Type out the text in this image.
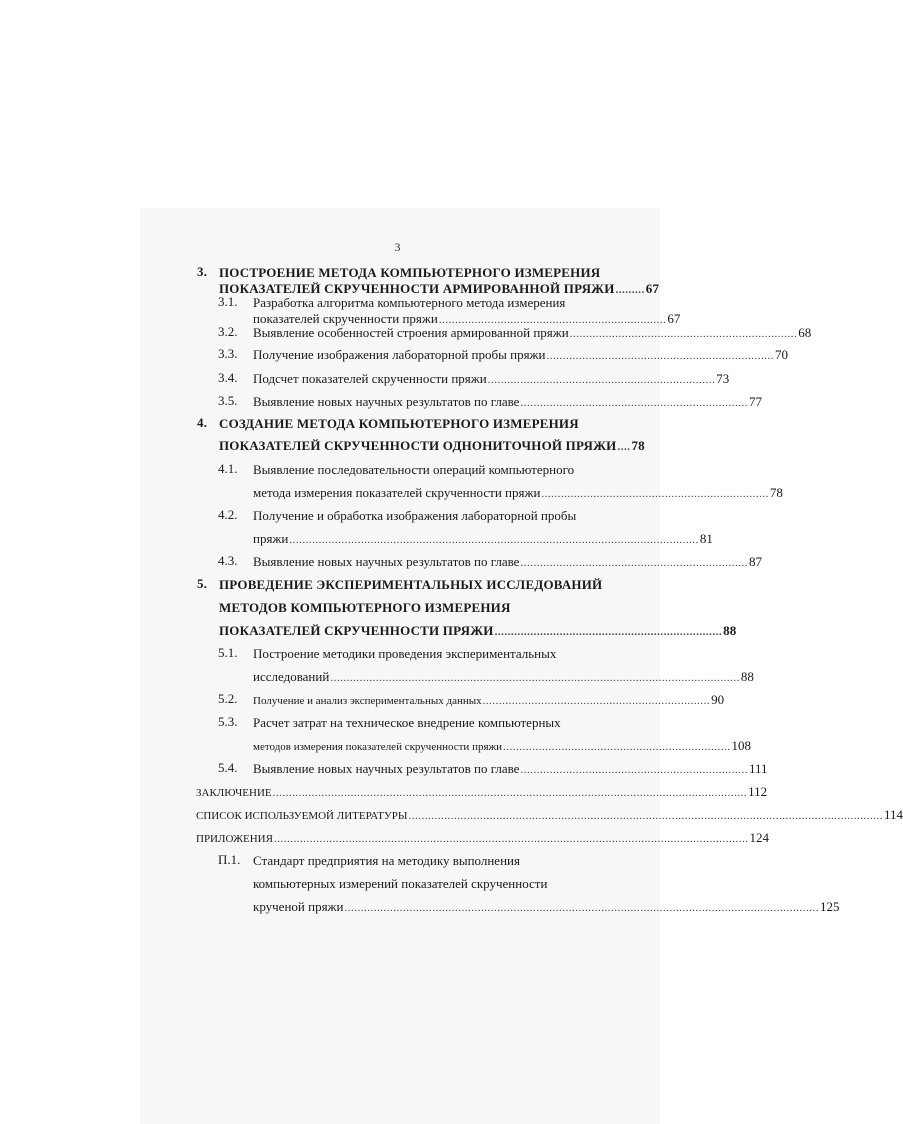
3
3. ПОСТРОЕНИЕ МЕТОДА КОМПЬЮТЕРНОГО ИЗМЕРЕНИЯ
ПОКАЗАТЕЛЕЙ СКРУЧЕННОСТИ АРМИРОВАННОЙ ПРЯЖИ ......... 67
3.1. Разработка алгоритма компьютерного метода измерения
показателей скрученности пряжи ...................................................................... 67
3.2. Выявление особенностей строения армированной пряжи ...................................................................... 68
3.3. Получение изображения лабораторной пробы пряжи ...................................................................... 70
3.4. Подсчет показателей скрученности пряжи ...................................................................... 73
3.5. Выявление новых научных результатов по главе ...................................................................... 77
4. СОЗДАНИЕ МЕТОДА КОМПЬЮТЕРНОГО ИЗМЕРЕНИЯ
ПОКАЗАТЕЛЕЙ СКРУЧЕННОСТИ ОДНОНИТОЧНОЙ ПРЯЖИ .... 78
4.1. Выявление последовательности операций компьютерного
метода измерения показателей скрученности пряжи ...................................................................... 78
4.2. Получение и обработка изображения лабораторной пробы
пряжи .............................................................................................................................. 81
4.3. Выявление новых научных результатов по главе ...................................................................... 87
5. ПРОВЕДЕНИЕ ЭКСПЕРИМЕНТАЛЬНЫХ ИССЛЕДОВАНИЙ
МЕТОДОВ КОМПЬЮТЕРНОГО ИЗМЕРЕНИЯ
ПОКАЗАТЕЛЕЙ СКРУЧЕННОСТИ ПРЯЖИ ...................................................................... 88
5.1. Построение методики проведения экспериментальных
исследований .............................................................................................................................. 88
5.2. Получение и анализ экспериментальных данных ...................................................................... 90
5.3. Расчет затрат на техническое внедрение компьютерных
методов измерения показателей скрученности пряжи ...................................................................... 108
5.4. Выявление новых научных результатов по главе ...................................................................... 111
ЗАКЛЮЧЕНИЕ .................................................................................................................................................. 112
СПИСОК ИСПОЛЬЗУЕМОЙ ЛИТЕРАТУРЫ .................................................................................................................................................. 114
ПРИЛОЖЕНИЯ .................................................................................................................................................. 124
П.1. Стандарт предприятия на методику выполнения
компьютерных измерений показателей скрученности
крученой пряжи .................................................................................................................................................. 125
